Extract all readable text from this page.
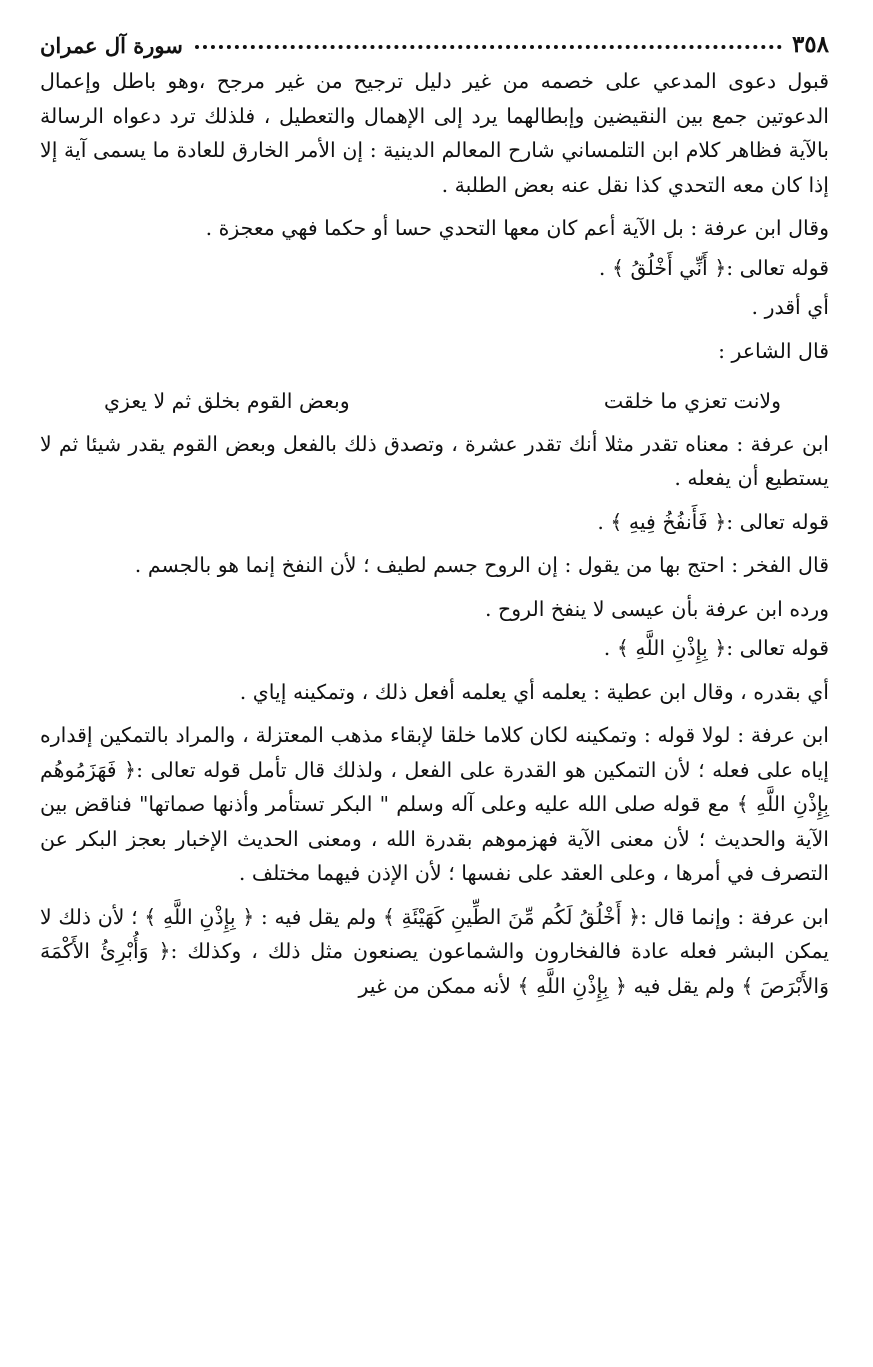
٣٥٨
سورة آل عمران

قبول دعوى المدعي على خصمه من غير دليل ترجيح من غير مرجح ،وهو باطل وإعمال الدعوتين جمع بين النقيضين وإبطالهما يرد إلى الإهمال والتعطيل ، فلذلك ترد دعواه الرسالة بالآية فظاهر كلام ابن التلمساني شارح المعالم الدينية : إن الأمر الخارق للعادة ما يسمى آية إلا إذا كان معه التحدي كذا نقل عنه بعض الطلبة .

وقال ابن عرفة : بل الآية أعم كان معها التحدي حسا أو حكما فهي معجزة .

قوله تعالى :﴿ أَنِّي أَخْلُقُ ﴾ .

أي أقدر .

قال الشاعر :

ولانت تعزي ما خلقت
وبعض القوم بخلق ثم لا يعزي

ابن عرفة : معناه تقدر مثلا أنك تقدر عشرة ، وتصدق ذلك بالفعل وبعض القوم يقدر شيئا ثم لا يستطيع أن يفعله .

قوله تعالى :﴿ فَأَنفُخُ فِيهِ ﴾ .

قال الفخر : احتج بها من يقول : إن الروح جسم لطيف ؛ لأن النفخ إنما هو بالجسم .

ورده ابن عرفة بأن عيسى لا ينفخ الروح .

قوله تعالى :﴿ بِإِذْنِ اللَّهِ ﴾ .

أي بقدره ، وقال ابن عطية : يعلمه أي يعلمه أفعل ذلك ، وتمكينه إياي .

ابن عرفة : لولا قوله : وتمكينه لكان كلاما خلقا لإبقاء مذهب المعتزلة ، والمراد بالتمكين إقداره إياه على فعله ؛ لأن التمكين هو القدرة على الفعل ، ولذلك قال تأمل قوله تعالى :﴿ فَهَزَمُوهُم بِإِذْنِ اللَّهِ ﴾ مع قوله صلى الله عليه وعلى آله وسلم " البكر تستأمر وأذنها صماتها" فناقض بين الآية والحديث ؛ لأن معنى الآية فهزموهم بقدرة الله ، ومعنى الحديث الإخبار بعجز البكر عن التصرف في أمرها ، وعلى العقد على نفسها ؛ لأن الإذن فيهما مختلف .

ابن عرفة : وإنما قال :﴿ أَخْلُقُ لَكُم مِّنَ الطِّينِ كَهَيْئَةِ ﴾ ولم يقل فيه : ﴿ بِإِذْنِ اللَّهِ ﴾ ؛ لأن ذلك لا يمكن البشر فعله عادة فالفخارون والشماعون يصنعون مثل ذلك ، وكذلك :﴿ وَأُبْرِئُ الأَكْمَهَ وَالأَبْرَصَ ﴾ ولم يقل فيه ﴿ بِإِذْنِ اللَّهِ ﴾ لأنه ممكن من غير
